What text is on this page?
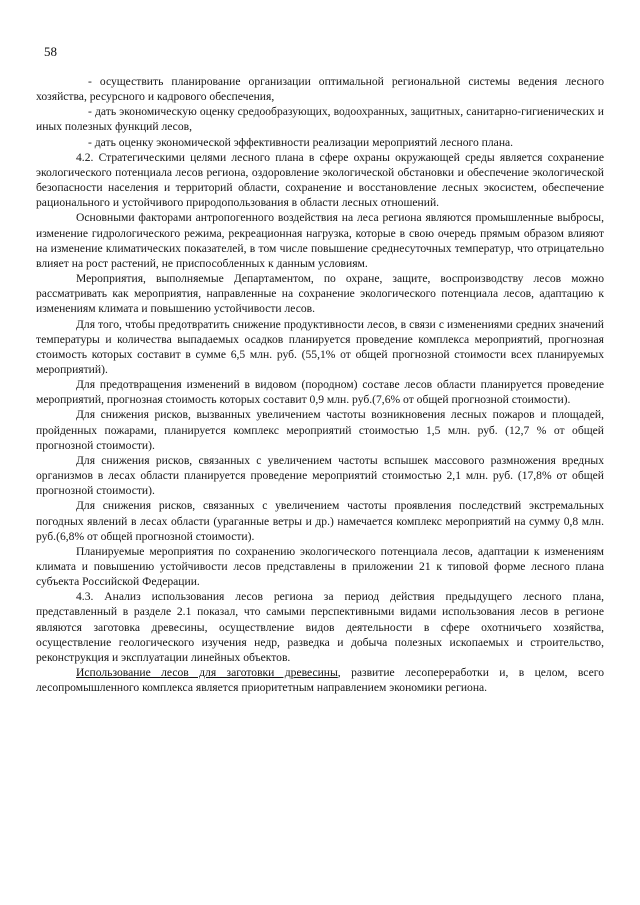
58

- осуществить планирование организации оптимальной региональной системы ведения лесного хозяйства, ресурсного и кадрового обеспечения,

- дать экономическую оценку средообразующих, водоохранных, защитных, санитарно-гигиенических и иных полезных функций лесов,

- дать оценку экономической эффективности реализации мероприятий лесного плана.

4.2. Стратегическими целями лесного плана в сфере охраны окружающей среды является сохранение экологического потенциала лесов региона, оздоровление экологической обстановки и обеспечение экологической безопасности населения и территорий области, сохранение и восстановление лесных экосистем, обеспечение рационального и устойчивого природопользования в области лесных отношений.

Основными факторами антропогенного воздействия на леса региона являются промышленные выбросы, изменение гидрологического режима, рекреационная нагрузка, которые в свою очередь прямым образом влияют на изменение климатических показателей, в том числе повышение среднесуточных температур, что отрицательно влияет на рост растений, не приспособленных к данным условиям.

Мероприятия, выполняемые Департаментом, по охране, защите, воспроизводству лесов можно рассматривать как мероприятия, направленные на сохранение экологического потенциала лесов, адаптацию к изменениям климата и повышению устойчивости лесов.

Для того, чтобы предотвратить снижение продуктивности лесов, в связи с изменениями средних значений температуры и количества выпадаемых осадков планируется проведение комплекса мероприятий, прогнозная стоимость которых составит в сумме 6,5 млн. руб. (55,1% от общей прогнозной стоимости всех планируемых мероприятий).

Для предотвращения изменений в видовом (породном) составе лесов области планируется проведение мероприятий, прогнозная стоимость которых составит 0,9 млн. руб.(7,6% от общей прогнозной стоимости).

Для снижения рисков, вызванных увеличением частоты возникновения лесных пожаров и площадей, пройденных пожарами, планируется комплекс мероприятий стоимостью 1,5 млн. руб. (12,7 % от общей прогнозной стоимости).

Для снижения рисков, связанных с увеличением частоты вспышек массового размножения вредных организмов в лесах области планируется проведение мероприятий стоимостью 2,1 млн. руб. (17,8% от общей прогнозной стоимости).

Для снижения рисков, связанных с увеличением частоты проявления последствий экстремальных погодных явлений в лесах области (ураганные ветры и др.) намечается комплекс мероприятий на сумму 0,8 млн. руб.(6,8% от общей прогнозной стоимости).

Планируемые мероприятия по сохранению экологического потенциала лесов, адаптации к изменениям климата и повышению устойчивости лесов представлены в приложении 21 к типовой форме лесного плана субъекта Российской Федерации.

4.3. Анализ использования лесов региона за период действия предыдущего лесного плана, представленный в разделе 2.1 показал, что самыми перспективными видами использования лесов в регионе являются заготовка древесины, осуществление видов деятельности в сфере охотничьего хозяйства, осуществление геологического изучения недр, разведка и добыча полезных ископаемых и строительство, реконструкция и эксплуатации линейных объектов.

Использование лесов для заготовки древесины, развитие лесопереработки и, в целом, всего лесопромышленного комплекса является приоритетным направлением экономики региона.
